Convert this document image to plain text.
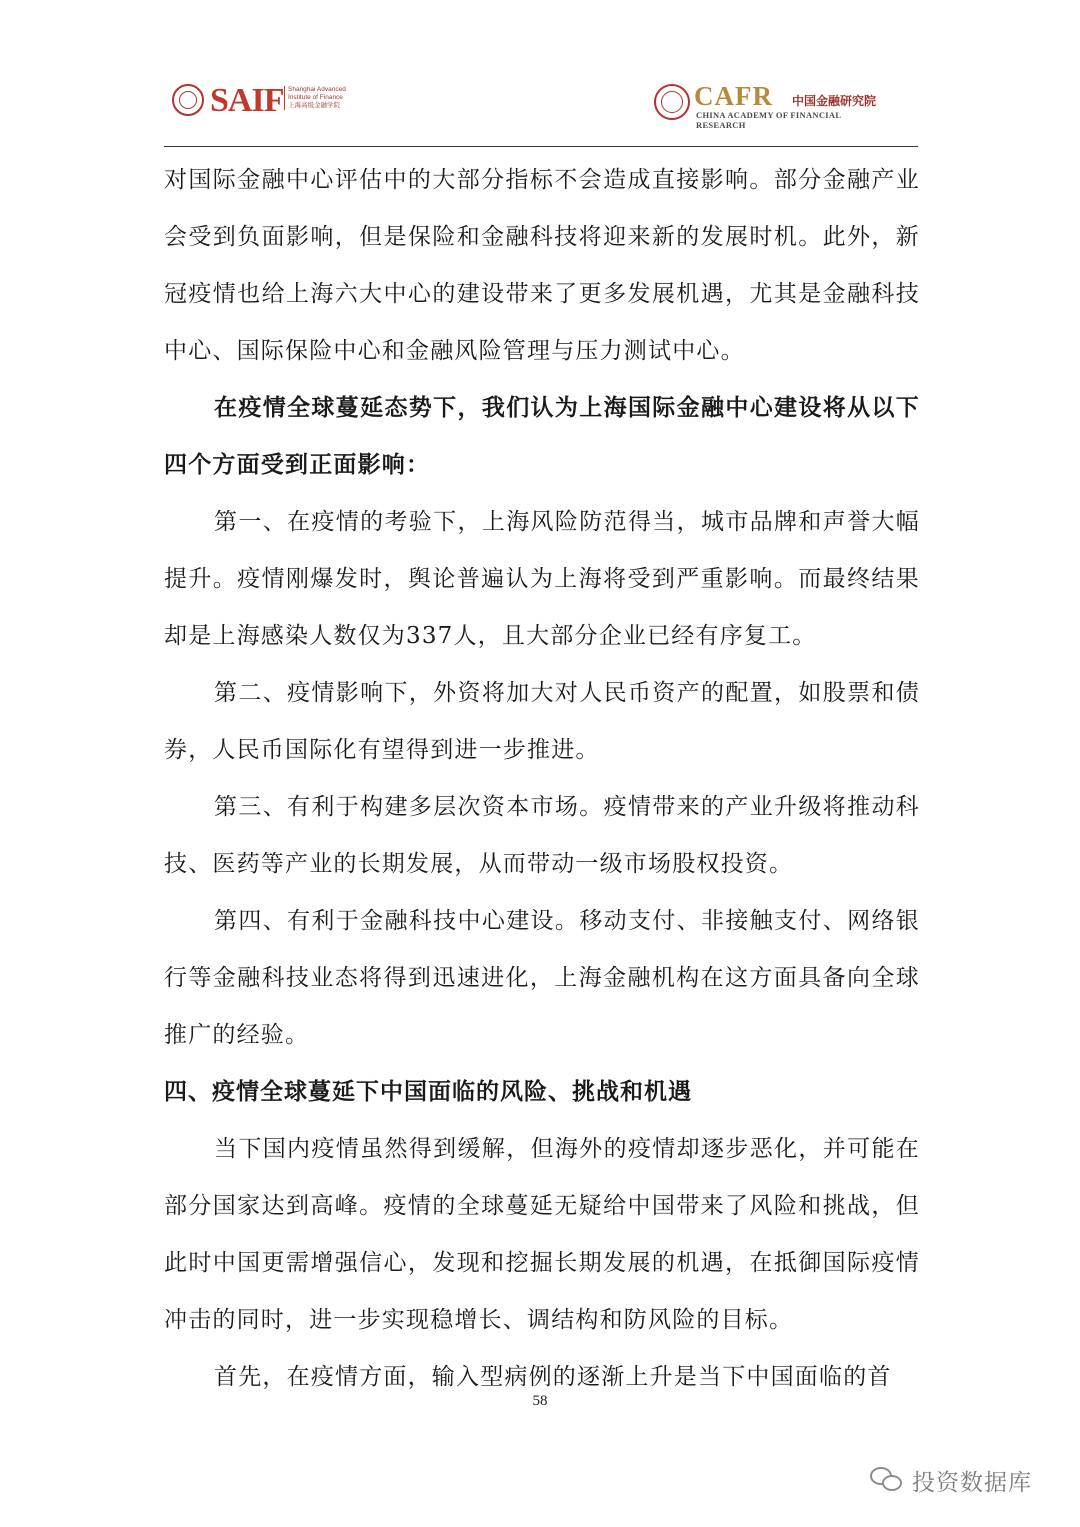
SAIF Shanghai Advanced
Institute of Finance
上海高级金融学院	CAFR 中国金融研究院
CHINA ACADEMY OF FINANCIAL RESEARCH

对国际金融中心评估中的大部分指标不会造成直接影响。部分金融产业会受到负面影响，但是保险和金融科技将迎来新的发展时机。此外，新冠疫情也给上海六大中心的建设带来了更多发展机遇，尤其是金融科技中心、国际保险中心和金融风险管理与压力测试中心。

在疫情全球蔓延态势下，我们认为上海国际金融中心建设将从以下四个方面受到正面影响：

第一、在疫情的考验下，上海风险防范得当，城市品牌和声誉大幅提升。疫情刚爆发时，舆论普遍认为上海将受到严重影响。而最终结果却是上海感染人数仅为337人，且大部分企业已经有序复工。

第二、疫情影响下，外资将加大对人民币资产的配置，如股票和债券，人民币国际化有望得到进一步推进。

第三、有利于构建多层次资本市场。疫情带来的产业升级将推动科技、医药等产业的长期发展，从而带动一级市场股权投资。

第四、有利于金融科技中心建设。移动支付、非接触支付、网络银行等金融科技业态将得到迅速进化，上海金融机构在这方面具备向全球推广的经验。

四、疫情全球蔓延下中国面临的风险、挑战和机遇

当下国内疫情虽然得到缓解，但海外的疫情却逐步恶化，并可能在部分国家达到高峰。疫情的全球蔓延无疑给中国带来了风险和挑战，但此时中国更需增强信心，发现和挖掘长期发展的机遇，在抵御国际疫情冲击的同时，进一步实现稳增长、调结构和防风险的目标。

首先，在疫情方面，输入型病例的逐渐上升是当下中国面临的首

58
投资数据库
